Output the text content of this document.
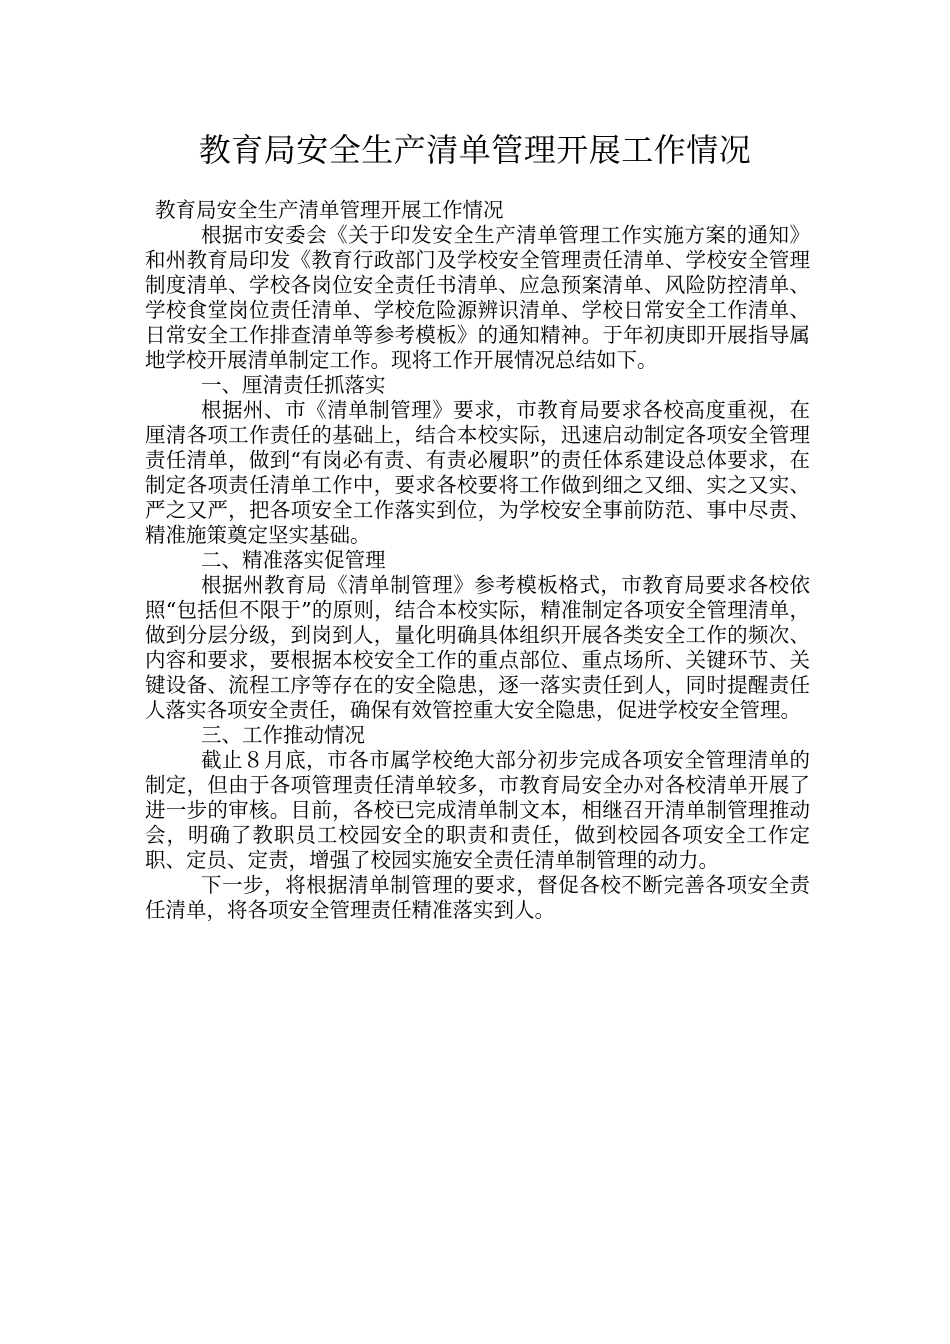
教育局安全生产清单管理开展工作情况

教育局安全生产清单管理开展工作情况

根据市安委会《关于印发安全生产清单管理工作实施方案的通知》和州教育局印发《教育行政部门及学校安全管理责任清单、学校安全管理制度清单、学校各岗位安全责任书清单、应急预案清单、风险防控清单、学校食堂岗位责任清单、学校危险源辨识清单、学校日常安全工作清单、日常安全工作排查清单等参考模板》的通知精神。于年初庚即开展指导属地学校开展清单制定工作。现将工作开展情况总结如下。

一、厘清责任抓落实

根据州、市《清单制管理》要求，市教育局要求各校高度重视，在厘清各项工作责任的基础上，结合本校实际，迅速启动制定各项安全管理责任清单，做到“有岗必有责、有责必履职”的责任体系建设总体要求，在制定各项责任清单工作中，要求各校要将工作做到细之又细、实之又实、严之又严，把各项安全工作落实到位，为学校安全事前防范、事中尽责、精准施策奠定坚实基础。

二、精准落实促管理

根据州教育局《清单制管理》参考模板格式，市教育局要求各校依照“包括但不限于”的原则，结合本校实际，精准制定各项安全管理清单，做到分层分级，到岗到人，量化明确具体组织开展各类安全工作的频次、内容和要求，要根据本校安全工作的重点部位、重点场所、关键环节、关键设备、流程工序等存在的安全隐患，逐一落实责任到人，同时提醒责任人落实各项安全责任，确保有效管控重大安全隐患，促进学校安全管理。

三、工作推动情况

截止８月底，市各市属学校绝大部分初步完成各项安全管理清单的制定，但由于各项管理责任清单较多，市教育局安全办对各校清单开展了进一步的审核。目前，各校已完成清单制文本，相继召开清单制管理推动会，明确了教职员工校园安全的职责和责任，做到校园各项安全工作定职、定员、定责，增强了校园实施安全责任清单制管理的动力。

下一步，将根据清单制管理的要求，督促各校不断完善各项安全责任清单，将各项安全管理责任精准落实到人。
